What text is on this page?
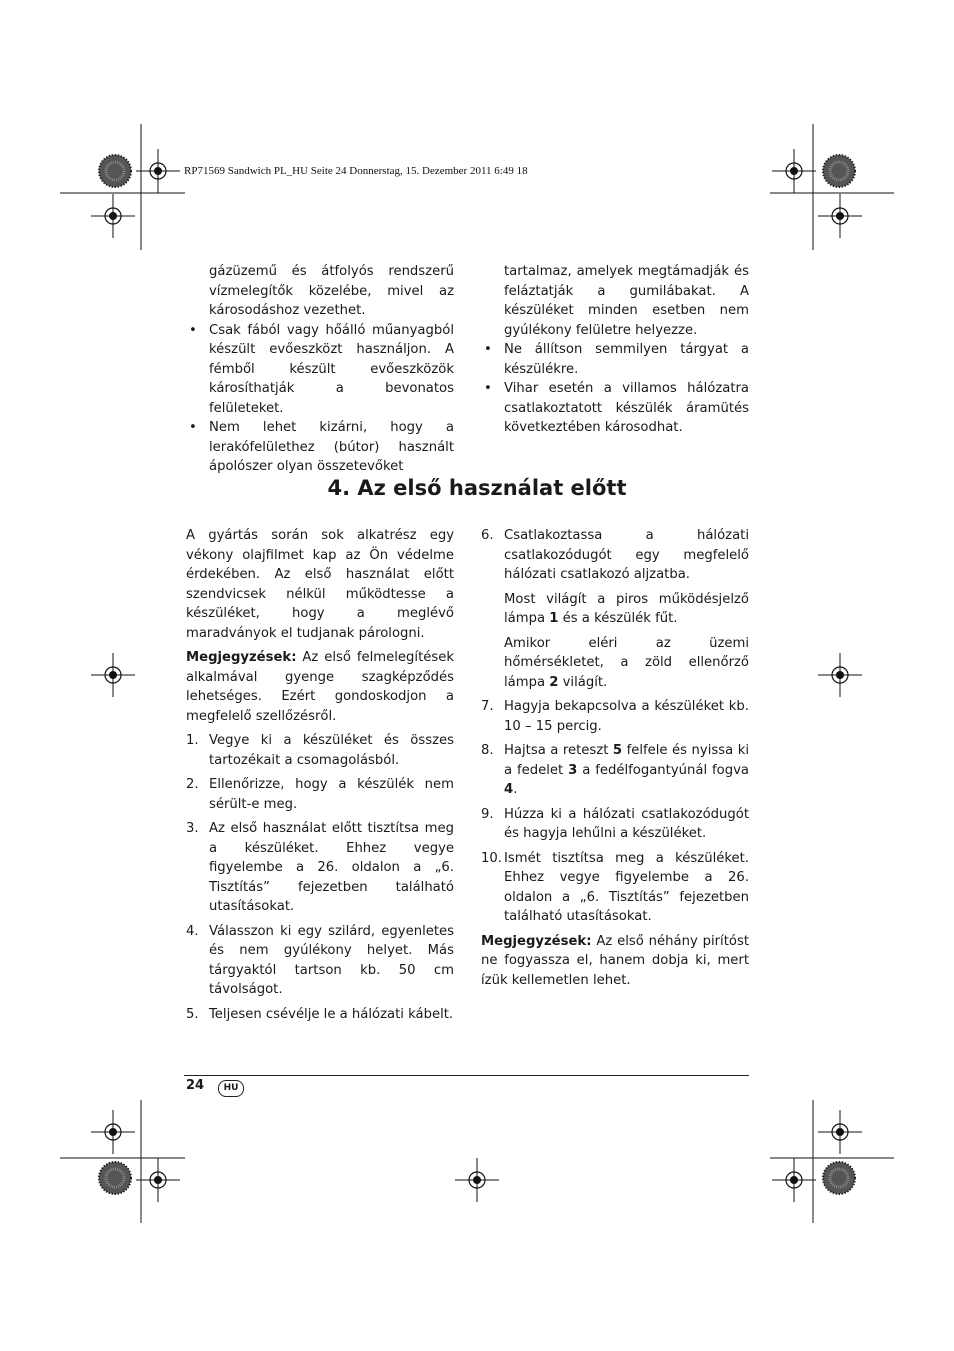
RP71569 Sandwich PL_HU Seite 24 Donnerstag, 15. Dezember 2011 6:49 18

gázüzemű és átfolyós rendszerű vízmelegítők közelébe, mivel az károsodáshoz vezethet.

• Csak fából vagy hőálló műanyagból készült evőeszközt használjon. A fémből készült evőeszközök károsíthatják a bevonatos felületeket.
• Nem lehet kizárni, hogy a lerakófelülethez (bútor) használt ápolószer olyan összetevőket

tartalmaz, amelyek megtámadják és feláztatják a gumilábakat. A készüléket minden esetben nem gyúlékony felületre helyezze.

• Ne állítson semmilyen tárgyat a készülékre.
• Vihar esetén a villamos hálózatra csatlakoztatott készülék áramütés következtében károsodhat.
4. Az első használat előtt

A gyártás során sok alkatrész egy vékony olajfilmet kap az Ön védelme érdekében. Az első használat előtt szendvicsek nélkül működtesse a készüléket, hogy a meglévő maradványok el tudjanak párologni.

Megjegyzések: Az első felmelegítések alkalmával gyenge szagképződés lehetséges. Ezért gondoskodjon a megfelelő szellőzésről.

1. Vegye ki a készüléket és összes tartozékait a csomagolásból.
2. Ellenőrizze, hogy a készülék nem sérült-e meg.
3. Az első használat előtt tisztítsa meg a készüléket. Ehhez vegye figyelembe a 26. oldalon a „6. Tisztítás” fejezetben található utasításokat.
4. Válasszon ki egy szilárd, egyenletes és nem gyúlékony helyet. Más tárgyaktól tartson kb. 50 cm távolságot.
5. Teljesen csévélje le a hálózati kábelt.
6. Csatlakoztassa a hálózati csatlakozódugót egy megfelelő hálózati csatlakozó aljzatba.

Most világít a piros működésjelző lámpa 1 és a készülék fűt.

Amikor eléri az üzemi hőmérsékletet, a zöld ellenőrző lámpa 2 világít.

7. Hagyja bekapcsolva a készüléket kb. 10 – 15 percig.
8. Hajtsa a reteszt 5 felfele és nyissa ki a fedelet 3 a fedélfogantyúnál fogva 4.
9. Húzza ki a hálózati csatlakozódugót és hagyja lehűlni a készüléket.
10. Ismét tisztítsa meg a készüléket. Ehhez vegye figyelembe a 26. oldalon a „6. Tisztítás” fejezetben található utasításokat.

Megjegyzések: Az első néhány pirítóst ne fogyassza el, hanem dobja ki, mert ízük kellemetlen lehet.

24	HU
